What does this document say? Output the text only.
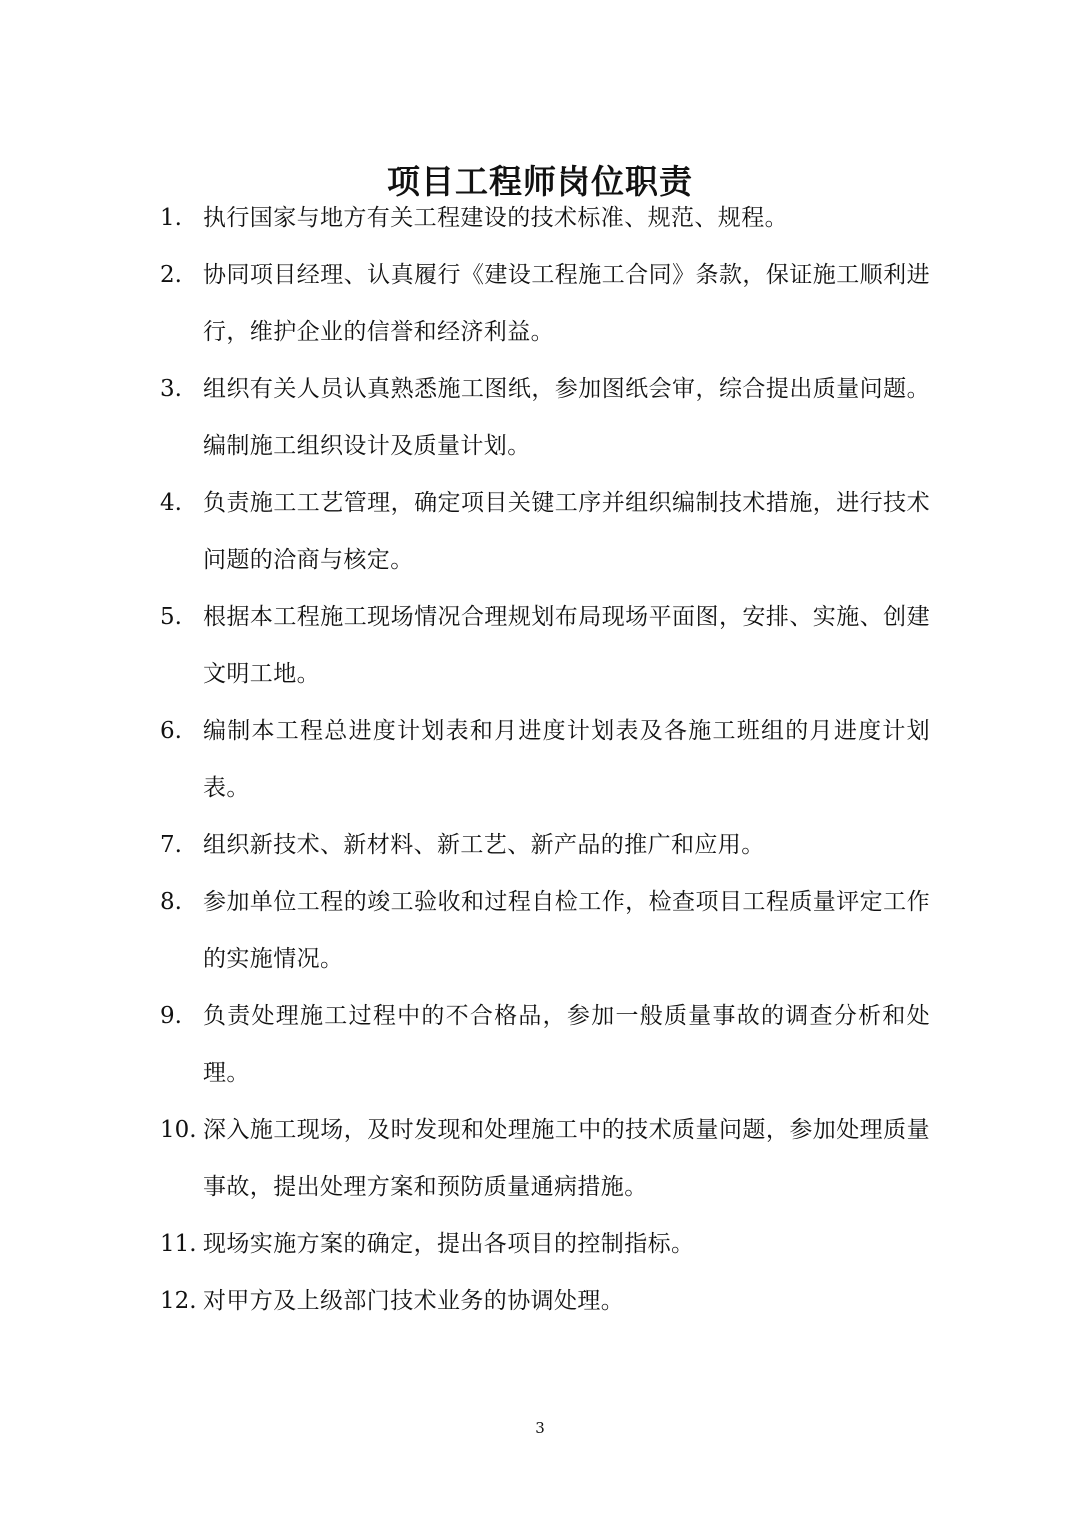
项目工程师岗位职责
1. 执行国家与地方有关工程建设的技术标准、规范、规程。
2. 协同项目经理、认真履行《建设工程施工合同》条款，保证施工顺利进行，维护企业的信誉和经济利益。
3. 组织有关人员认真熟悉施工图纸，参加图纸会审，综合提出质量问题。编制施工组织设计及质量计划。
4. 负责施工工艺管理，确定项目关键工序并组织编制技术措施，进行技术问题的洽商与核定。
5. 根据本工程施工现场情况合理规划布局现场平面图，安排、实施、创建文明工地。
6. 编制本工程总进度计划表和月进度计划表及各施工班组的月进度计划表。
7. 组织新技术、新材料、新工艺、新产品的推广和应用。
8. 参加单位工程的竣工验收和过程自检工作，检查项目工程质量评定工作的实施情况。
9. 负责处理施工过程中的不合格品，参加一般质量事故的调查分析和处理。
10. 深入施工现场，及时发现和处理施工中的技术质量问题，参加处理质量事故，提出处理方案和预防质量通病措施。
11. 现场实施方案的确定，提出各项目的控制指标。
12. 对甲方及上级部门技术业务的协调处理。
3
